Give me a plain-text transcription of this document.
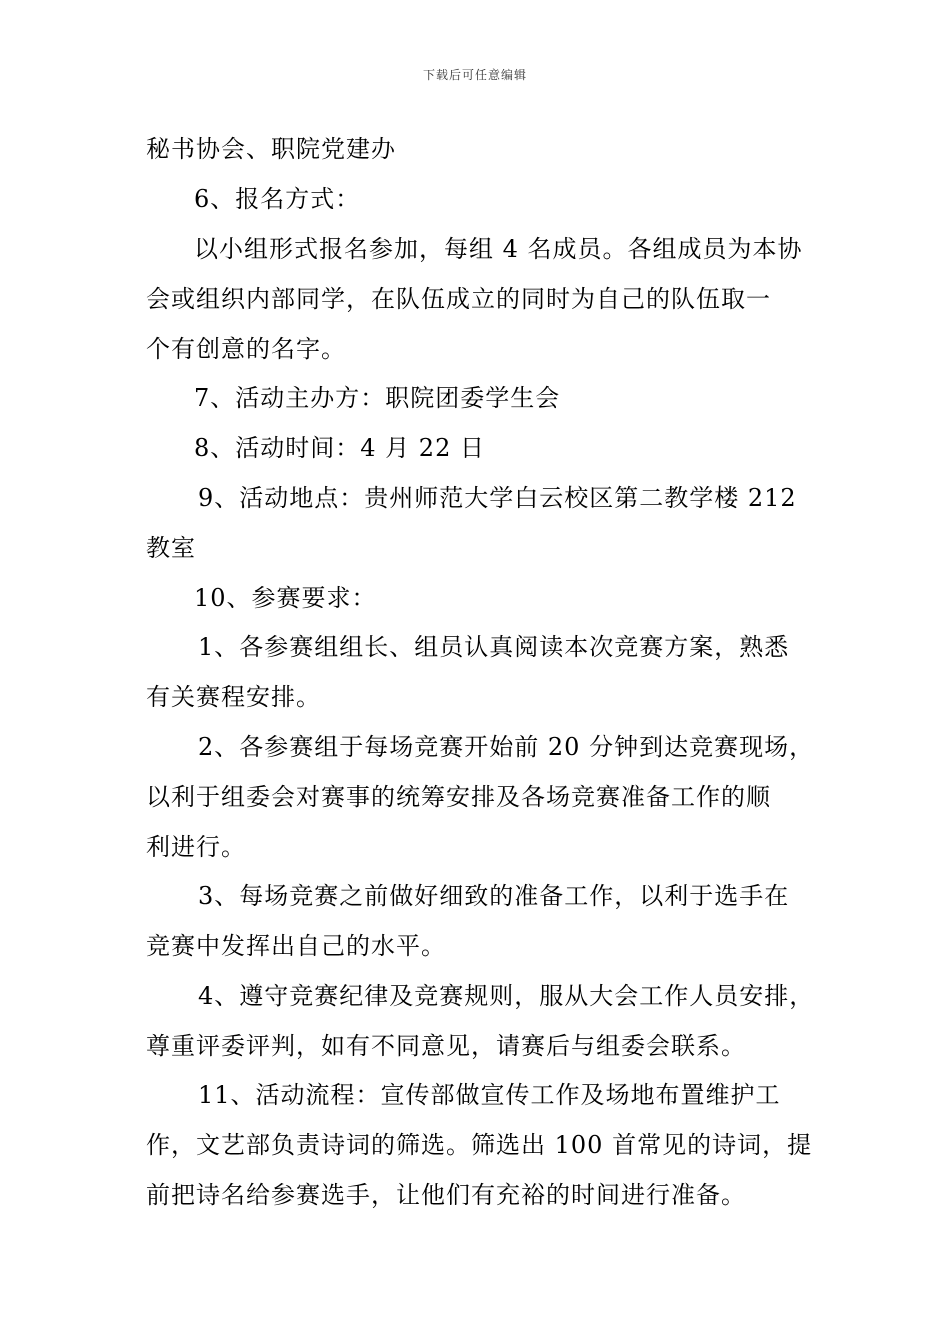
下载后可任意编辑
秘书协会、职院党建办
6、报名方式：
以小组形式报名参加，每组 4 名成员。各组成员为本协
会或组织内部同学，在队伍成立的同时为自己的队伍取一
个有创意的名字。
7、活动主办方：职院团委学生会
8、活动时间：4 月 22 日
9、活动地点：贵州师范大学白云校区第二教学楼 212
教室
10、参赛要求：
1、各参赛组组长、组员认真阅读本次竞赛方案，熟悉
有关赛程安排。
2、各参赛组于每场竞赛开始前 20 分钟到达竞赛现场，
以利于组委会对赛事的统筹安排及各场竞赛准备工作的顺
利进行。
3、每场竞赛之前做好细致的准备工作，以利于选手在
竞赛中发挥出自己的水平。
4、遵守竞赛纪律及竞赛规则，服从大会工作人员安排，
尊重评委评判，如有不同意见，请赛后与组委会联系。
11、活动流程：宣传部做宣传工作及场地布置维护工
作，文艺部负责诗词的筛选。筛选出 100 首常见的诗词，提
前把诗名给参赛选手，让他们有充裕的时间进行准备。
